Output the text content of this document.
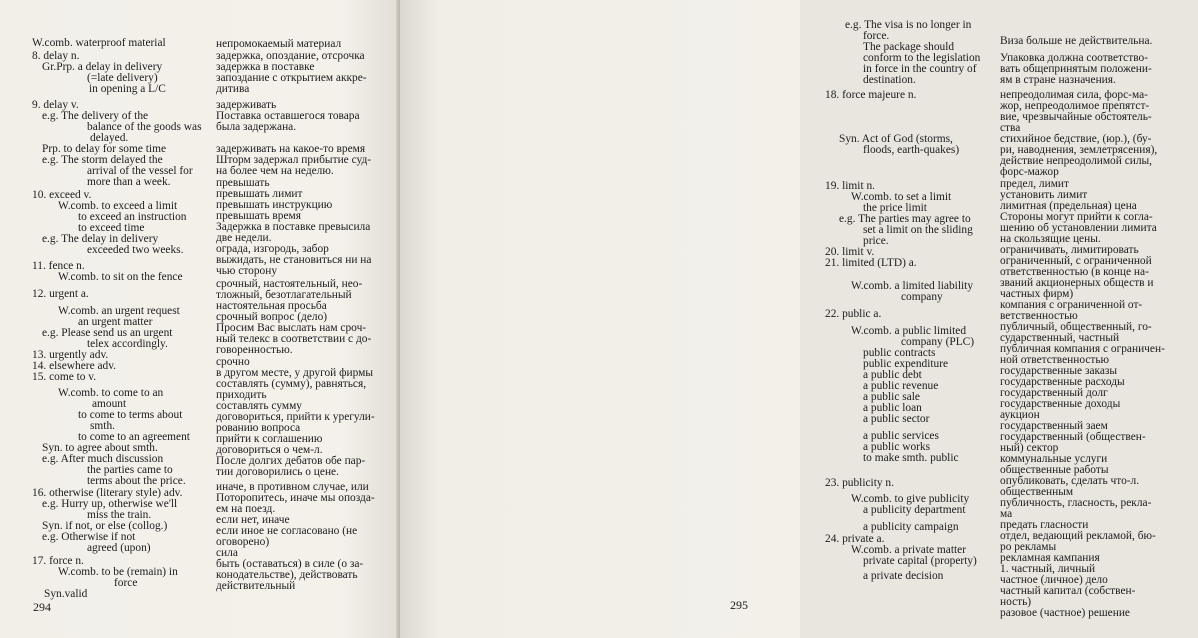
W.comb. waterproof material
8. delay n.
Gr.Prp. a delay in delivery
(=late delivery)
in opening a L/C
9. delay v.
e.g. The delivery of the
balance of the goods was
delayed.
Prp. to delay for some time
e.g. The storm delayed the
arrival of the vessel for
more than a week.
10. exceed v.
W.comb. to exceed a limit
to exceed an instruction
to exceed time
e.g. The delay in delivery
exceeded two weeks.
11. fence n.
W.comb. to sit on the fence
12. urgent a.
W.comb. an urgent request
an urgent matter
e.g. Please send us an urgent
telex accordingly.
13. urgently adv.
14. elsewhere adv.
15. come to v.
W.comb. to come to an
amount
to come to terms about
smth.
to come to an agreement
Syn. to agree about smth.
e.g. After much discussion
the parties came to
terms about the price.
16. otherwise (literary style) adv.
e.g. Hurry up, otherwise we'll
miss the train.
Syn. if not, or else (collog.)
e.g. Otherwise if not
agreed (upon)
17. force n.
W.comb. to be (remain) in
force
Syn.valid
непромокаемый материал
задержка, опоздание, отсрочка
задержка в поставке
запоздание с открытием аккре-
дитива
задерживать
Поставка оставшегося товара
была задержана.
задерживать на какое-то время
Шторм задержал прибытие суд-
на более чем на неделю.
превышать
превышать лимит
превышать инструкцию
превышать время
Задержка в поставке превысила
две недели.
ограда, изгородь, забор
выжидать, не становиться ни на
чью сторону
срочный, настоятельный, нео-
тложный, безотлагательный
настоятельная просьба
срочный вопрос (дело)
Просим Вас выслать нам сроч-
ный телекс в соответствии с до-
говоренностью.
срочно
в другом месте, у другой фирмы
составлять (сумму), равняться,
приходить
составлять сумму
договориться, прийти к урегули-
рованию вопроса
прийти к соглашению
договориться о чем-л.
После долгих дебатов обе пар-
тии договорились о цене.
иначе, в противном случае, или
Поторопитесь, иначе мы опозда-
ем на поезд.
если нет, иначе
если иное не согласовано (не
оговорено)
сила
быть (оставаться) в силе (о за-
конодательстве), действовать
действительный
294
e.g. The visa is no longer in
force.
The package should
conform to the legislation
in force in the country of
destination.
18. force majeure n.
Syn. Act of God (storms,
floods, earth-quakes)
19. limit n.
W.comb. to set a limit
the price limit
e.g. The parties may agree to
set a limit on the sliding
price.
20. limit v.
21. limited (LTD) a.
W.comb. a limited liability
company
22. public a.
W.comb. a public limited
company (PLC)
public contracts
public expenditure
a public debt
a public revenue
a public sale
a public loan
a public sector
a public services
a public works
to make smth. public
23. publicity n.
W.comb. to give publicity
a publicity department
a publicity campaign
24. private a.
W.comb. a private matter
private capital (property)
a private decision
Виза больше не действительна.
Упаковка должна соответство-
вать общепринятым положени-
ям в стране назначения.
непреодолимая сила, форс-ма-
жор, непреодолимое препятст-
вие, чрезвычайные обстоятель-
ства
стихийное бедствие, (юр.), (бу-
ри, наводнения, землетрясения),
действие непреодолимой силы,
форс-мажор
предел, лимит
установить лимит
лимитная (предельная) цена
Стороны могут прийти к согла-
шению об установлении лимита
на скользящие цены.
ограничивать, лимитировать
ограниченный, с ограниченной
ответственностью (в конце на-
званий акционерных обществ и
частных фирм)
компания с ограниченной от-
ветственностью
публичный, общественный, го-
сударственный, частный
публичная компания с ограничен-
ной ответственностью
государственные заказы
государственные расходы
государственный долг
государственные доходы
аукцион
государственный заем
государственный (обществен-
ный) сектор
коммунальные услуги
общественные работы
опубликовать, сделать что-л.
общественным
публичность, гласность, рекла-
ма
предать гласности
отдел, ведающий рекламой, бю-
ро рекламы
рекламная кампания
1. частный, личный
частное (личное) дело
частный капитал (собствен-
ность)
разовое (частное) решение
295
